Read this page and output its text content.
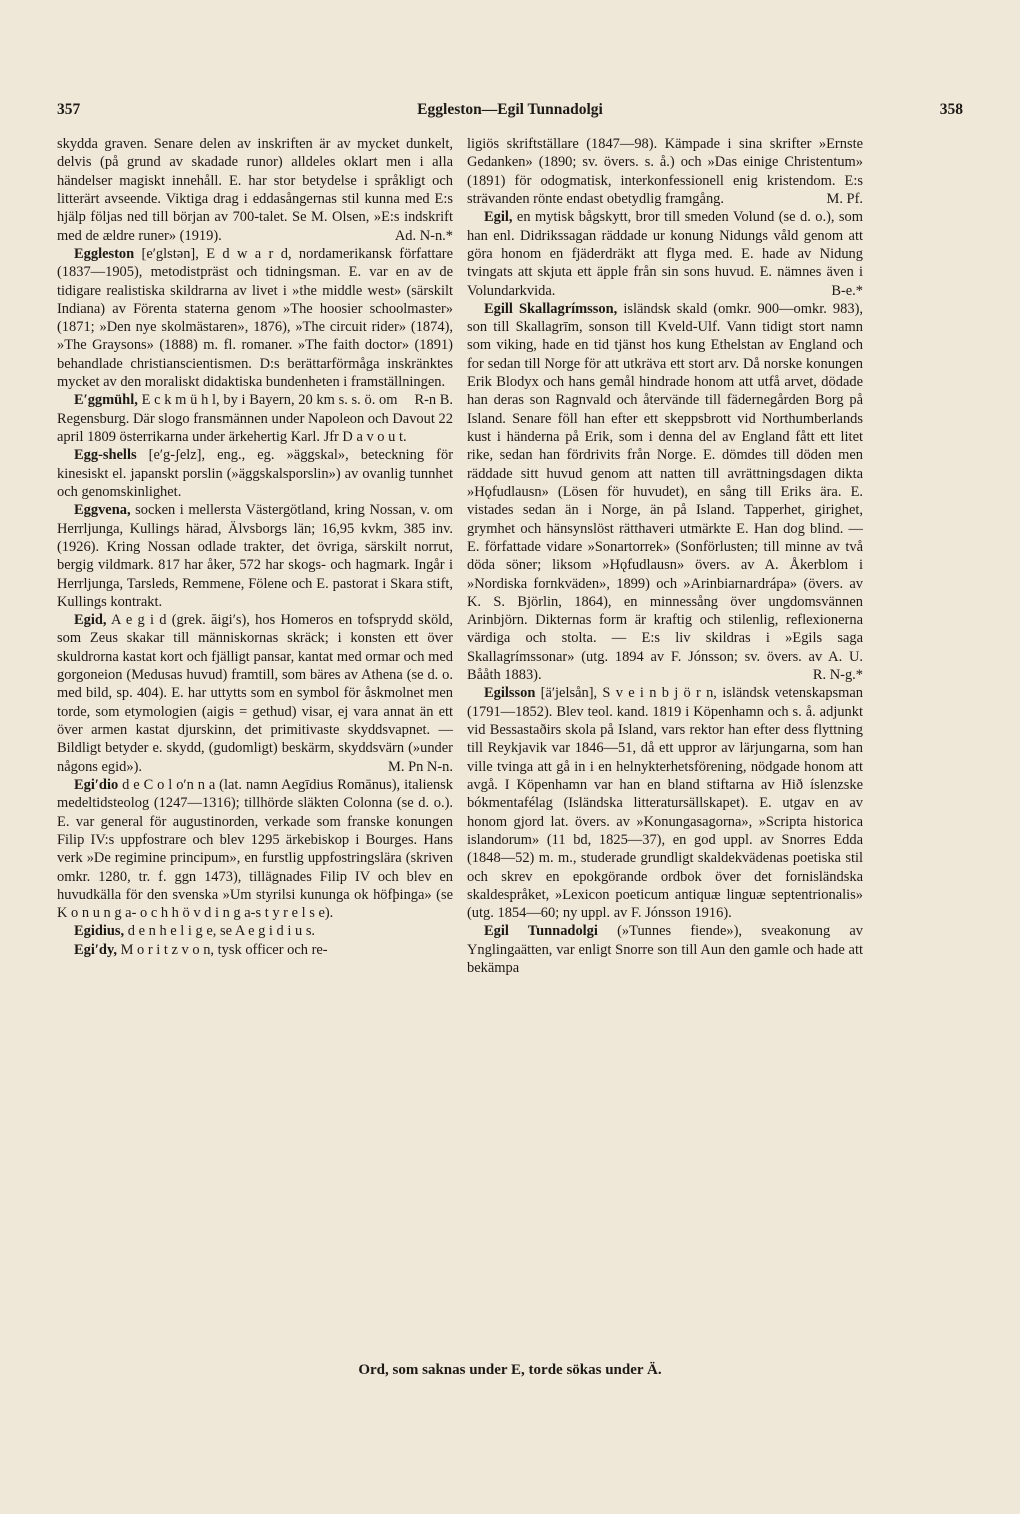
357	Eggleston—Egil Tunnadolgi	358

skydda graven. Senare delen av inskriften är av mycket dunkelt, delvis (på grund av skadade runor) alldeles oklart men i alla händelser magiskt innehåll. E. har stor betydelse i språkligt och litterärt avseende. Viktiga drag i eddasångernas stil kunna med E:s hjälp följas ned till början av 700-talet. Se M. Olsen, »E:s indskrift med de ældre runer» (1919).	Ad. N-n.*

Eggleston [e′glstən], E d w a r d, nordamerikansk författare (1837—1905), metodistpräst och tidningsman. E. var en av de tidigare realistiska skildrarna av livet i »the middle west» (särskilt Indiana) av Förenta staterna genom »The hoosier schoolmaster» (1871; »Den nye skolmästaren», 1876), »The circuit rider» (1874), »The Graysons» (1888) m. fl. romaner. »The faith doctor» (1891) behandlade christianscientismen. D:s berättarförmåga inskränktes mycket av den moraliskt didaktiska bundenheten i framställningen.
R-n B.

E′ggmühl, E c k m ü h l, by i Bayern, 20 km s. s. ö. om Regensburg. Där slogo fransmännen under Napoleon och Davout 22 april 1809 österrikarna under ärkehertig Karl. Jfr D a v o u t.

Egg-shells [e′g-ʃelz], eng., eg. »äggskal», beteckning för kinesiskt el. japanskt porslin (»äggskalsporslin») av ovanlig tunnhet och genomskinlighet.

Eggvena, socken i mellersta Västergötland, kring Nossan, v. om Herrljunga, Kullings härad, Älvsborgs län; 16,95 kvkm, 385 inv. (1926). Kring Nossan odlade trakter, det övriga, särskilt norrut, bergig vildmark. 817 har åker, 572 har skogs- och hagmark. Ingår i Herrljunga, Tarsleds, Remmene, Fölene och E. pastorat i Skara stift, Kullings kontrakt.

Egid, A e g i d (grek. ăigi′s), hos Homeros en tofsprydd sköld, som Zeus skakar till människornas skräck; i konsten ett över skuldrorna kastat kort och fjälligt pansar, kantat med ormar och med gorgoneion (Medusas huvud) framtill, som bäres av Athena (se d. o. med bild, sp. 404). E. har uttytts som en symbol för åskmolnet men torde, som etymologien (aigis = gethud) visar, ej vara annat än ett över armen kastat djurskinn, det primitivaste skyddsvapnet. — Bildligt betyder e. skydd, (gudomligt) beskärm, skyddsvärn (»under någons egid»).	M. Pn N-n.

Egi′dio d e C o l o′n n a (lat. namn Aegīdius Romānus), italiensk medeltidsteolog (1247—1316); tillhörde släkten Colonna (se d. o.). E. var general för augustinorden, verkade som franske konungen Filip IV:s uppfostrare och blev 1295 ärkebiskop i Bourges. Hans verk »De regimine principum», en furstlig uppfostringslära (skriven omkr. 1280, tr. f. ggn 1473), tillägnades Filip IV och blev en huvudkälla för den svenska »Um styrilsi kununga ok höfþinga» (se K o n u n g a- o c h h ö v d i n g a-s t y r e l s e).

Egidius, d e n h e l i g e, se A e g i d i u s.

Egi′dy, M o r i t z v o n, tysk officer och re-

ligiös skriftställare (1847—98). Kämpade i sina skrifter »Ernste Gedanken» (1890; sv. övers. s. å.) och »Das einige Christentum» (1891) för odogmatisk, interkonfessionell enig kristendom. E:s strävanden rönte endast obetydlig framgång.	M. Pf.

Egil, en mytisk bågskytt, bror till smeden Volund (se d. o.), som han enl. Didrikssagan räddade ur konung Nidungs våld genom att göra honom en fjäderdräkt att flyga med. E. hade av Nidung tvingats att skjuta ett äpple från sin sons huvud. E. nämnes även i Volundarkvida.	B-e.*

Egill Skallagrímsson, isländsk skald (omkr. 900—omkr. 983), son till Skallagrīm, sonson till Kveld-Ulf. Vann tidigt stort namn som viking, hade en tid tjänst hos kung Ethelstan av England och for sedan till Norge för att utkräva ett stort arv. Då norske konungen Erik Blodyx och hans gemål hindrade honom att utfå arvet, dödade han deras son Ragnvald och återvände till fädernegården Borg på Island. Senare föll han efter ett skeppsbrott vid Northumberlands kust i händerna på Erik, som i denna del av England fått ett litet rike, sedan han fördrivits från Norge. E. dömdes till döden men räddade sitt huvud genom att natten till avrättningsdagen dikta »Hǫfudlausn» (Lösen för huvudet), en sång till Eriks ära. E. vistades sedan än i Norge, än på Island. Tapperhet, girighet, grymhet och hänsynslöst rätthaveri utmärkte E. Han dog blind. — E. författade vidare »Sonartorrek» (Sonförlusten; till minne av två döda söner; liksom »Hǫfudlausn» övers. av A. Åkerblom i »Nordiska fornkväden», 1899) och »Arinbiarnardrápa» (övers. av K. S. Björlin, 1864), en minnessång över ungdomsvännen Arinbjörn. Dikternas form är kraftig och stilenlig, reflexionerna värdiga och stolta. — E:s liv skildras i »Egils saga Skallagrímssonar» (utg. 1894 av F. Jónsson; sv. övers. av A. U. Bååth 1883).	R. N-g.*

Egilsson [ä′jelsån], S v e i n b j ö r n, isländsk vetenskapsman (1791—1852). Blev teol. kand. 1819 i Köpenhamn och s. å. adjunkt vid Bessastaðirs skola på Island, vars rektor han efter dess flyttning till Reykjavik var 1846—51, då ett uppror av lärjungarna, som han ville tvinga att gå in i en helnykterhetsförening, nödgade honom att avgå. I Köpenhamn var han en bland stiftarna av Hið íslenzske bókmentafélag (Isländska litteratursällskapet). E. utgav en av honom gjord lat. övers. av »Konungasagorna», »Scripta historica islandorum» (11 bd, 1825—37), en god uppl. av Snorres Edda (1848—52) m. m., studerade grundligt skaldekvädenas poetiska stil och skrev en epokgörande ordbok över det fornisländska skaldespråket, »Lexicon poeticum antiquæ linguæ septentrionalis» (utg. 1854—60; ny uppl. av F. Jónsson 1916).

Egil Tunnadolgi (»Tunnes fiende»), sveakonung av Ynglingaätten, var enligt Snorre son till Aun den gamle och hade att bekämpa

Ord, som saknas under E, torde sökas under Ä.
